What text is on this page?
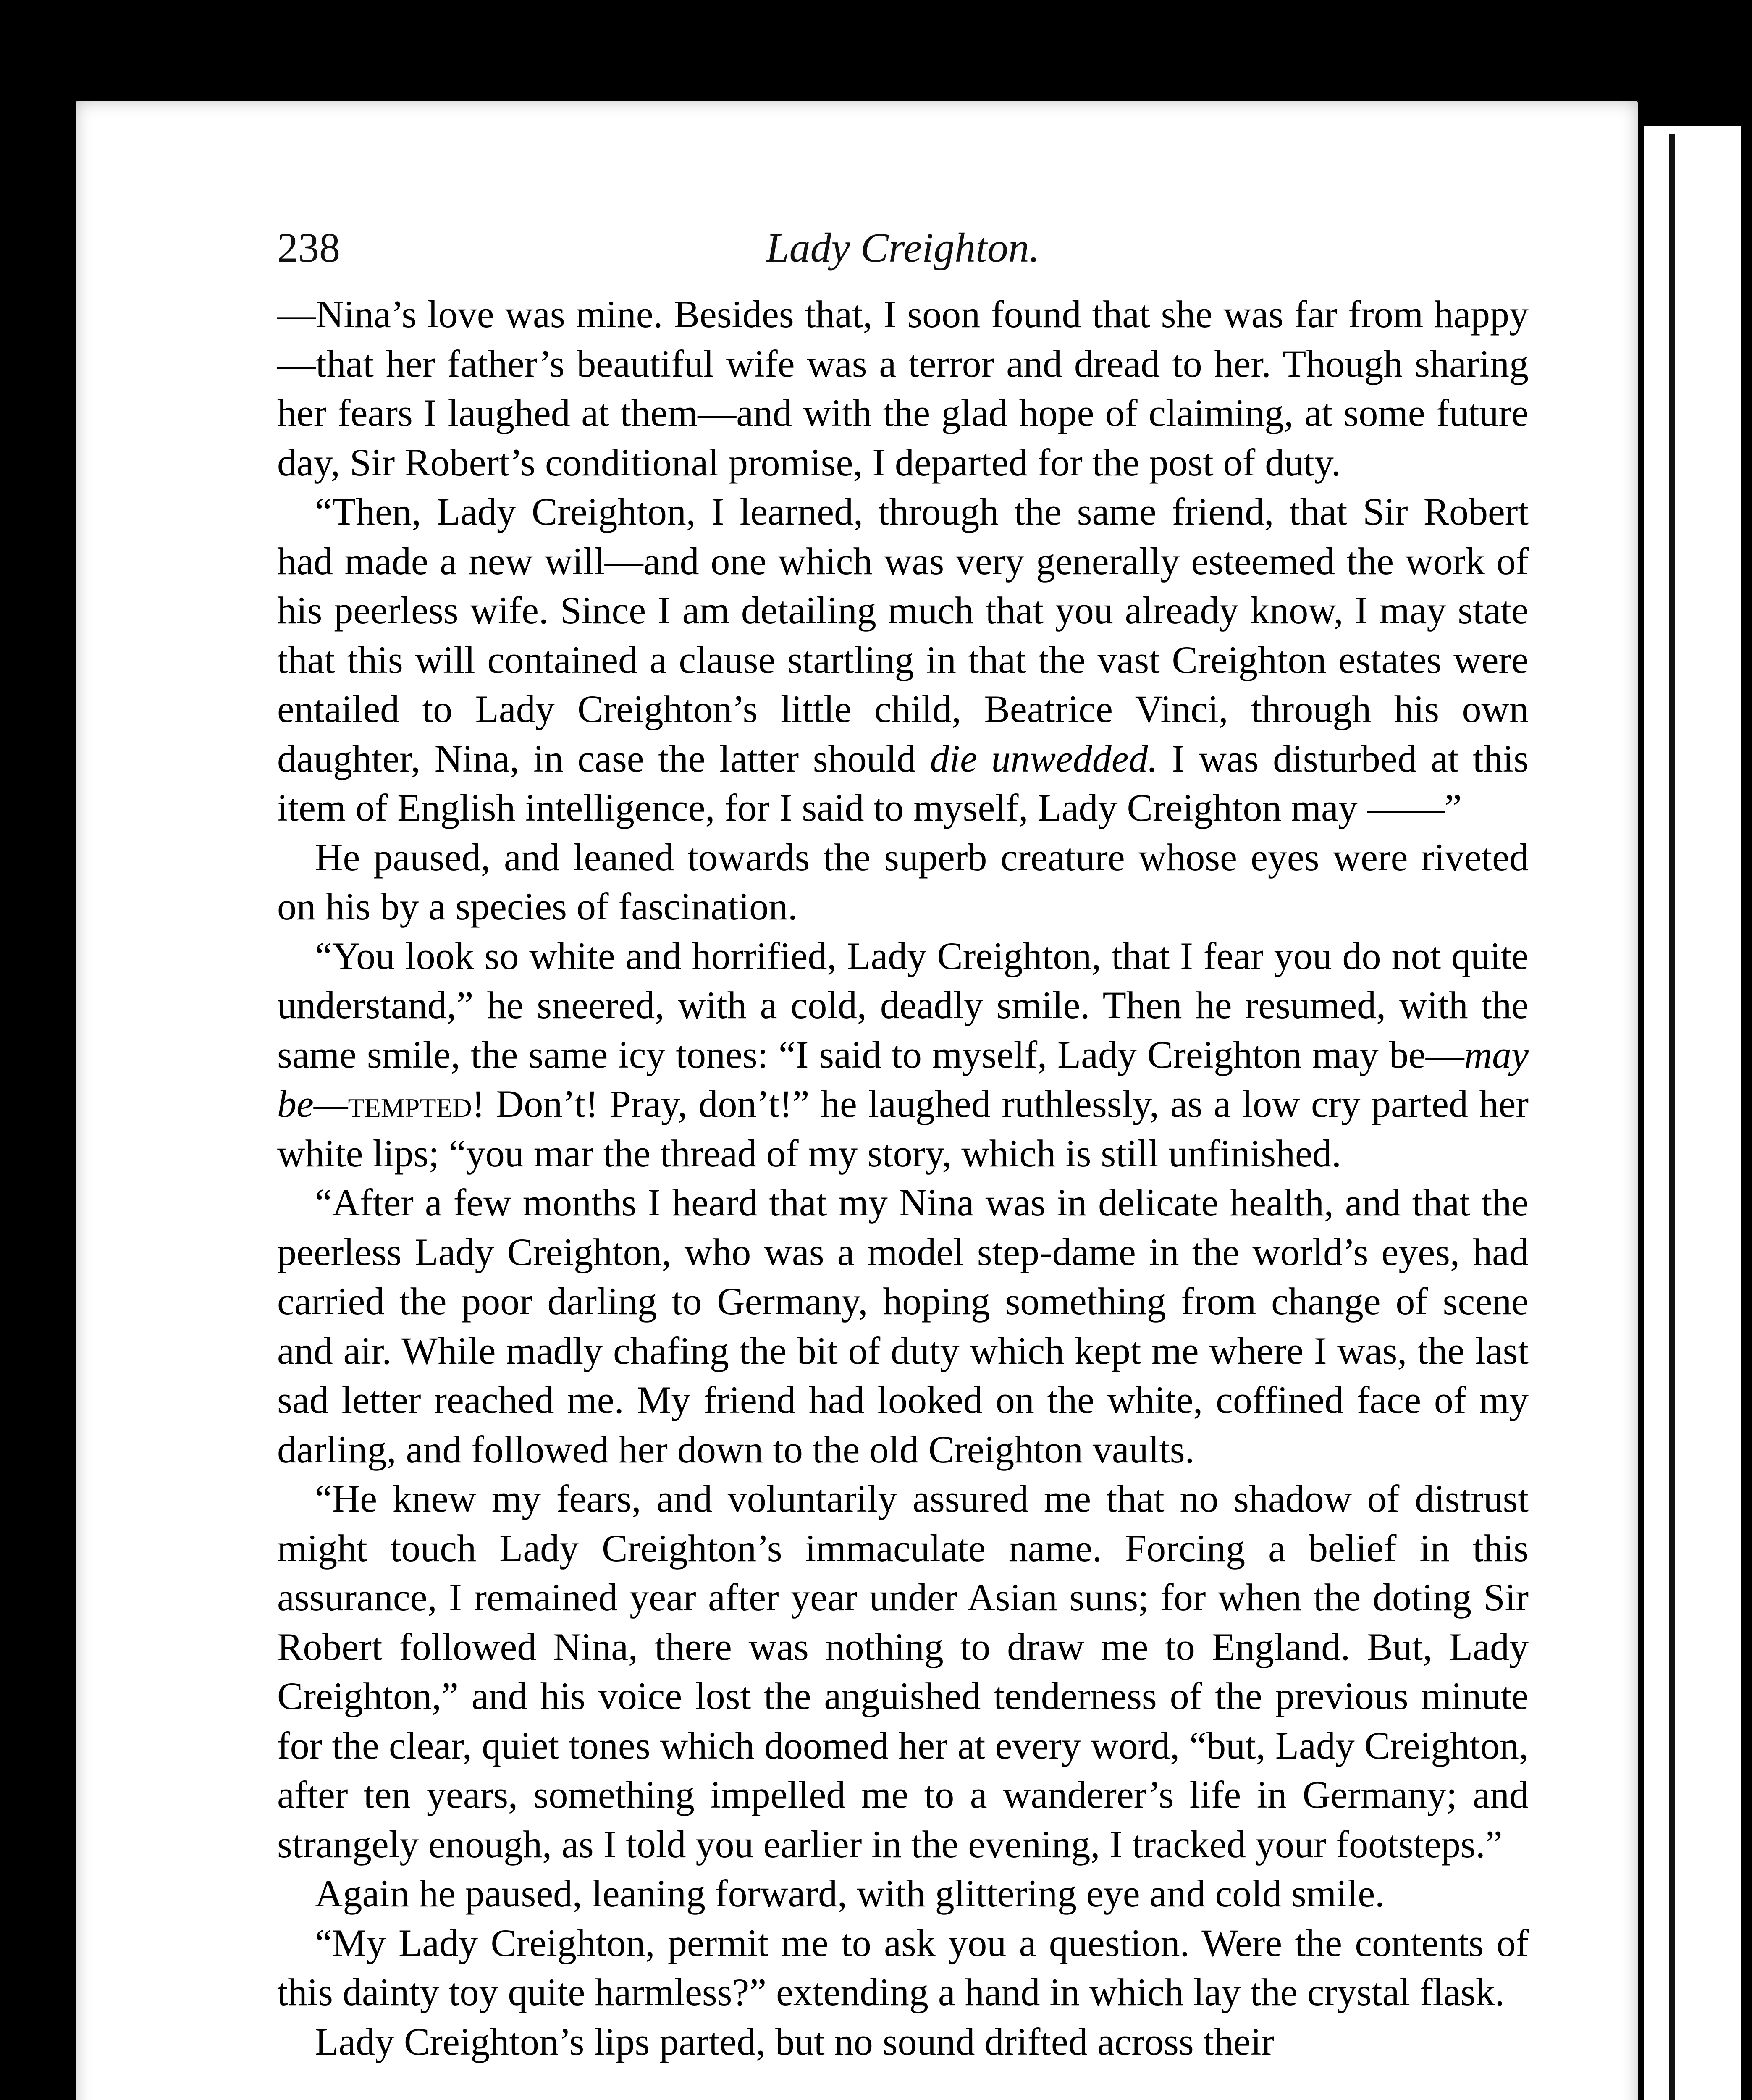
238	Lady Creighton.

—Nina’s love was mine. Besides that, I soon found that she was far from happy—that her father’s beautiful wife was a terror and dread to her. Though sharing her fears I laughed at them—and with the glad hope of claiming, at some future day, Sir Robert’s conditional promise, I departed for the post of duty.

“Then, Lady Creighton, I learned, through the same friend, that Sir Robert had made a new will—and one which was very generally esteemed the work of his peerless wife. Since I am detailing much that you already know, I may state that this will contained a clause startling in that the vast Creighton estates were entailed to Lady Creighton’s little child, Beatrice Vinci, through his own daughter, Nina, in case the latter should die unwedded. I was disturbed at this item of English intelligence, for I said to myself, Lady Creighton may ——”

He paused, and leaned towards the superb creature whose eyes were riveted on his by a species of fascination.

“You look so white and horrified, Lady Creighton, that I fear you do not quite understand,” he sneered, with a cold, deadly smile. Then he resumed, with the same smile, the same icy tones: “I said to myself, Lady Creighton may be—may be—tempted! Don’t! Pray, don’t!” he laughed ruthlessly, as a low cry parted her white lips; “you mar the thread of my story, which is still unfinished.

“After a few months I heard that my Nina was in delicate health, and that the peerless Lady Creighton, who was a model step-dame in the world’s eyes, had carried the poor darling to Germany, hoping something from change of scene and air. While madly chafing the bit of duty which kept me where I was, the last sad letter reached me. My friend had looked on the white, coffined face of my darling, and followed her down to the old Creighton vaults.

“He knew my fears, and voluntarily assured me that no shadow of distrust might touch Lady Creighton’s immaculate name. Forcing a belief in this assurance, I remained year after year under Asian suns; for when the doting Sir Robert followed Nina, there was nothing to draw me to England. But, Lady Creighton,” and his voice lost the anguished tenderness of the previous minute for the clear, quiet tones which doomed her at every word, “but, Lady Creighton, after ten years, something impelled me to a wanderer’s life in Germany; and strangely enough, as I told you earlier in the evening, I tracked your footsteps.”

Again he paused, leaning forward, with glittering eye and cold smile.

“My Lady Creighton, permit me to ask you a question. Were the contents of this dainty toy quite harmless?” extending a hand in which lay the crystal flask.

Lady Creighton’s lips parted, but no sound drifted across their
